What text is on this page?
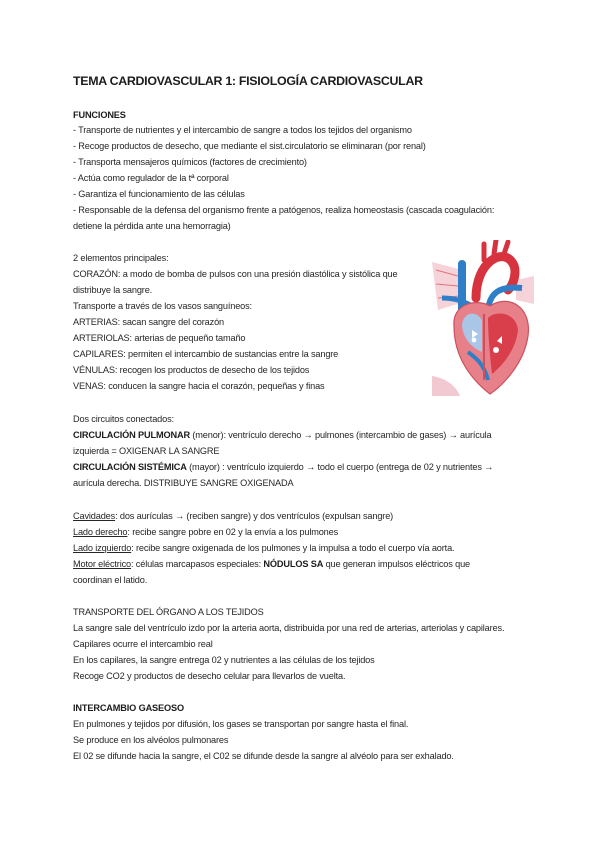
TEMA CARDIOVASCULAR 1: FISIOLOGÍA CARDIOVASCULAR
FUNCIONES
- Transporte de nutrientes y el intercambio de sangre a todos los tejidos del organismo
- Recoge productos de desecho, que mediante el sist.circulatorio se eliminaran (por renal)
- Transporta mensajeros químicos (factores de crecimiento)
- Actúa como regulador de la tª corporal
- Garantiza el funcionamiento de las células
- Responsable de la defensa del organismo frente a patógenos, realiza homeostasis (cascada coagulación:
detiene la pérdida ante una hemorragia)
2 elementos principales:
CORAZÓN: a modo de bomba de pulsos con una presión diastólica y sistólica que
distribuye la sangre.
Transporte a través de los vasos sanguíneos:
ARTERIAS: sacan sangre del corazón
ARTERIOLAS: arterias de pequeño tamaño
CAPILARES: permiten el intercambio de sustancias entre la sangre
VÉNULAS: recogen los productos de desecho de los tejidos
VENAS: conducen la sangre hacia el corazón, pequeñas y finas
Dos circuitos conectados:
CIRCULACIÓN PULMONAR (menor): ventrículo derecho → pulmones (intercambio de gases) → aurícula
izquierda = OXIGENAR LA SANGRE
CIRCULACIÓN SISTÉMICA (mayor) : ventrículo izquierdo → todo el cuerpo (entrega de 02 y nutrientes →
aurícula derecha. DISTRIBUYE SANGRE OXIGENADA
Cavidades: dos aurículas → (reciben sangre) y dos ventrículos (expulsan sangre)
Lado derecho: recibe sangre pobre en 02 y la envía a los pulmones
Lado izquierdo: recibe sangre oxigenada de los pulmones y la impulsa a todo el cuerpo vía aorta.
Motor eléctrico: células marcapasos especiales: NÓDULOS SA que generan impulsos eléctricos que
coordinan el latido.
TRANSPORTE DEL ÓRGANO A LOS TEJIDOS
La sangre sale del ventrículo izdo por la arteria aorta, distribuida por una red de arterias, arteriolas y capilares.
Capilares ocurre el intercambio real
En los capilares, la sangre entrega 02 y nutrientes a las células de los tejidos
Recoge CO2 y productos de desecho celular para llevarlos de vuelta.
INTERCAMBIO GASEOSO
En pulmones y tejidos por difusión, los gases se transportan por sangre hasta el final.
Se produce en los alvéolos pulmonares
El 02 se difunde hacia la sangre, el C02 se difunde desde la sangre al alvéolo para ser exhalado.
